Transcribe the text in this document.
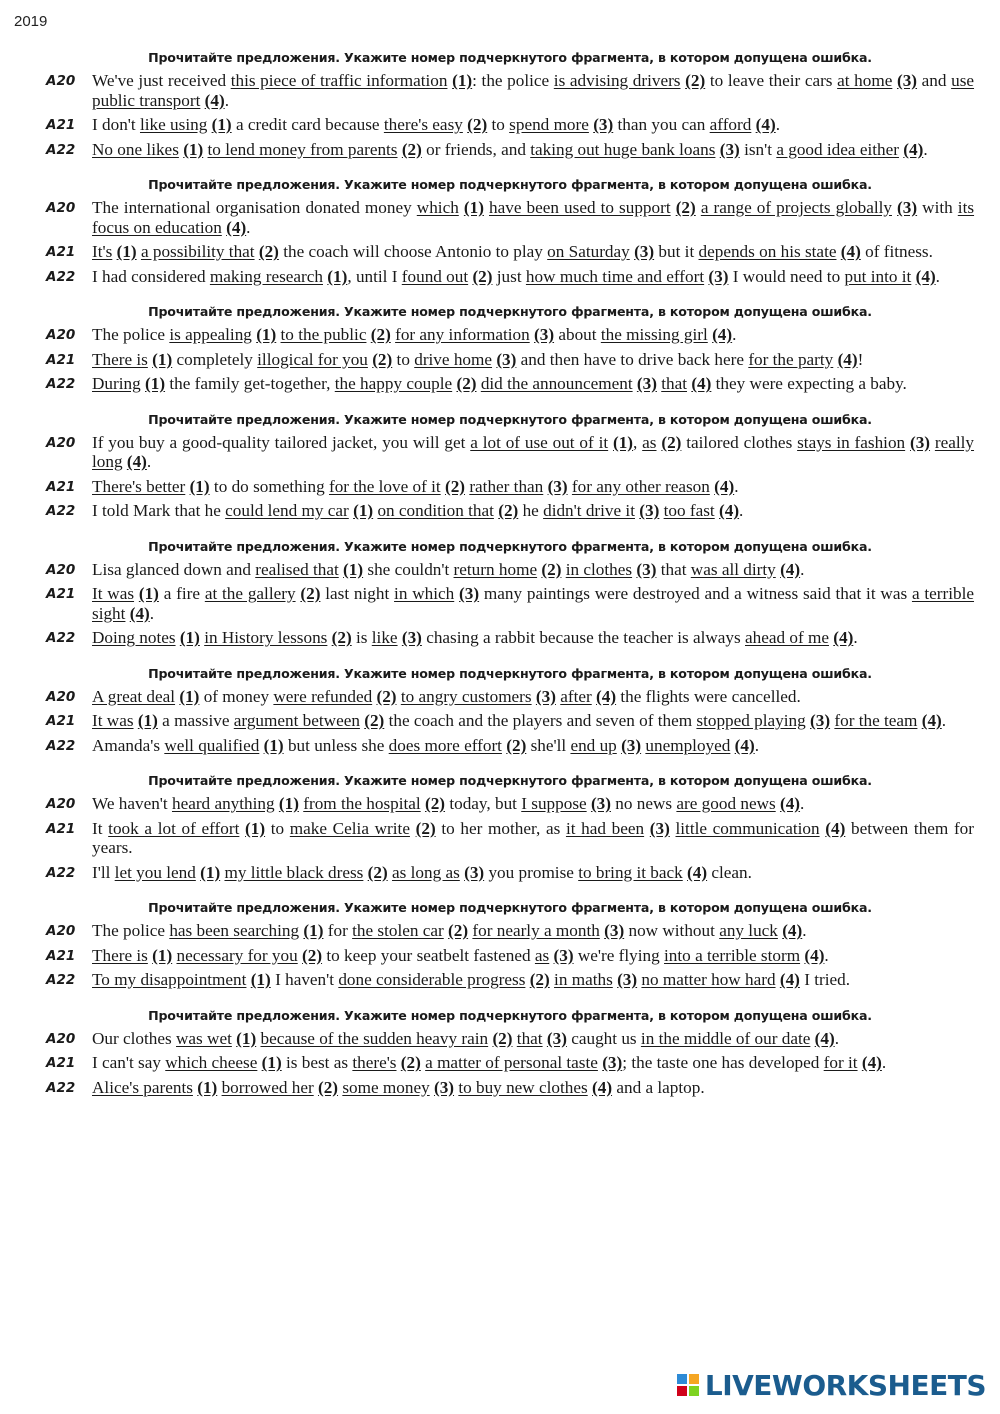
2019
Прочитайте предложения. Укажите номер подчеркнутого фрагмента, в котором допущена ошибка.
A20 We've just received this piece of traffic information (1): the police is advising drivers (2) to leave their cars at home (3) and use public transport (4).
A21 I don't like using (1) a credit card because there's easy (2) to spend more (3) than you can afford (4).
A22 No one likes (1) to lend money from parents (2) or friends, and taking out huge bank loans (3) isn't a good idea either (4).
Прочитайте предложения. Укажите номер подчеркнутого фрагмента, в котором допущена ошибка.
A20 The international organisation donated money which (1) have been used to support (2) a range of projects globally (3) with its focus on education (4).
A21 It's (1) a possibility that (2) the coach will choose Antonio to play on Saturday (3) but it depends on his state (4) of fitness.
A22 I had considered making research (1), until I found out (2) just how much time and effort (3) I would need to put into it (4).
Прочитайте предложения. Укажите номер подчеркнутого фрагмента, в котором допущена ошибка.
A20 The police is appealing (1) to the public (2) for any information (3) about the missing girl (4).
A21 There is (1) completely illogical for you (2) to drive home (3) and then have to drive back here for the party (4)!
A22 During (1) the family get-together, the happy couple (2) did the announcement (3) that (4) they were expecting a baby.
Прочитайте предложения. Укажите номер подчеркнутого фрагмента, в котором допущена ошибка.
A20 If you buy a good-quality tailored jacket, you will get a lot of use out of it (1), as (2) tailored clothes stays in fashion (3) really long (4).
A21 There's better (1) to do something for the love of it (2) rather than (3) for any other reason (4).
A22 I told Mark that he could lend my car (1) on condition that (2) he didn't drive it (3) too fast (4).
Прочитайте предложения. Укажите номер подчеркнутого фрагмента, в котором допущена ошибка.
A20 Lisa glanced down and realised that (1) she couldn't return home (2) in clothes (3) that was all dirty (4).
A21 It was (1) a fire at the gallery (2) last night in which (3) many paintings were destroyed and a witness said that it was a terrible sight (4).
A22 Doing notes (1) in History lessons (2) is like (3) chasing a rabbit because the teacher is always ahead of me (4).
Прочитайте предложения. Укажите номер подчеркнутого фрагмента, в котором допущена ошибка.
A20 A great deal (1) of money were refunded (2) to angry customers (3) after (4) the flights were cancelled.
A21 It was (1) a massive argument between (2) the coach and the players and seven of them stopped playing (3) for the team (4).
A22 Amanda's well qualified (1) but unless she does more effort (2) she'll end up (3) unemployed (4).
Прочитайте предложения. Укажите номер подчеркнутого фрагмента, в котором допущена ошибка.
A20 We haven't heard anything (1) from the hospital (2) today, but I suppose (3) no news are good news (4).
A21 It took a lot of effort (1) to make Celia write (2) to her mother, as it had been (3) little communication (4) between them for years.
A22 I'll let you lend (1) my little black dress (2) as long as (3) you promise to bring it back (4) clean.
Прочитайте предложения. Укажите номер подчеркнутого фрагмента, в котором допущена ошибка.
A20 The police has been searching (1) for the stolen car (2) for nearly a month (3) now without any luck (4).
A21 There is (1) necessary for you (2) to keep your seatbelt fastened as (3) we're flying into a terrible storm (4).
A22 To my disappointment (1) I haven't done considerable progress (2) in maths (3) no matter how hard (4) I tried.
Прочитайте предложения. Укажите номер подчеркнутого фрагмента, в котором допущена ошибка.
A20 Our clothes was wet (1) because of the sudden heavy rain (2) that (3) caught us in the middle of our date (4).
A21 I can't say which cheese (1) is best as there's (2) a matter of personal taste (3); the taste one has developed for it (4).
A22 Alice's parents (1) borrowed her (2) some money (3) to buy new clothes (4) and a laptop.
LIVEWORKSHEETS
